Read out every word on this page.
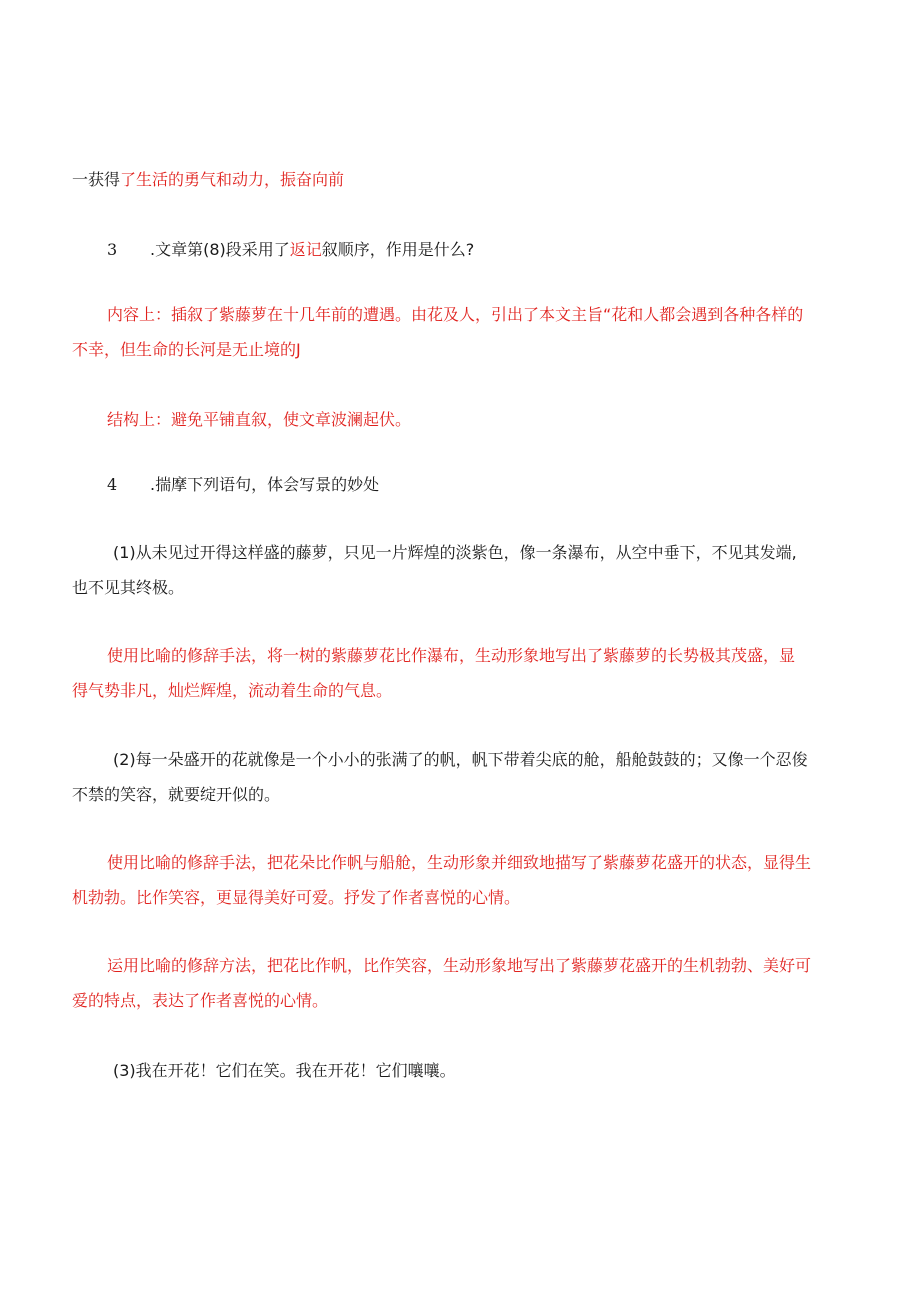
一获得了生活的勇气和动力，振奋向前
3 .文章第(8)段采用了返记叙顺序，作用是什么?
内容上：插叙了紫藤萝在十几年前的遭遇。由花及人，引出了本文主旨“花和人都会遇到各种各样的
不幸，但生命的长河是无止境的J
结构上：避免平铺直叙，使文章波澜起伏。
4 .揣摩下列语句，体会写景的妙处
(1)从未见过开得这样盛的藤萝，只见一片辉煌的淡紫色，像一条瀑布，从空中垂下，不见其发端,
也不见其终极。
使用比喻的修辞手法，将一树的紫藤萝花比作瀑布，生动形象地写出了紫藤萝的长势极其茂盛，显
得气势非凡，灿烂辉煌，流动着生命的气息。
(2)每一朵盛开的花就像是一个小小的张满了的帆，帆下带着尖底的舱，船舱鼓鼓的；又像一个忍俊
不禁的笑容，就要绽开似的。
使用比喻的修辞手法，把花朵比作帆与船舱，生动形象并细致地描写了紫藤萝花盛开的状态，显得生
机勃勃。比作笑容，更显得美好可爱。抒发了作者喜悦的心情。
运用比喻的修辞方法，把花比作帆，比作笑容，生动形象地写出了紫藤萝花盛开的生机勃勃、美好可
爱的特点，表达了作者喜悦的心情。
(3)我在开花！它们在笑。我在开花！它们嚷嚷。
